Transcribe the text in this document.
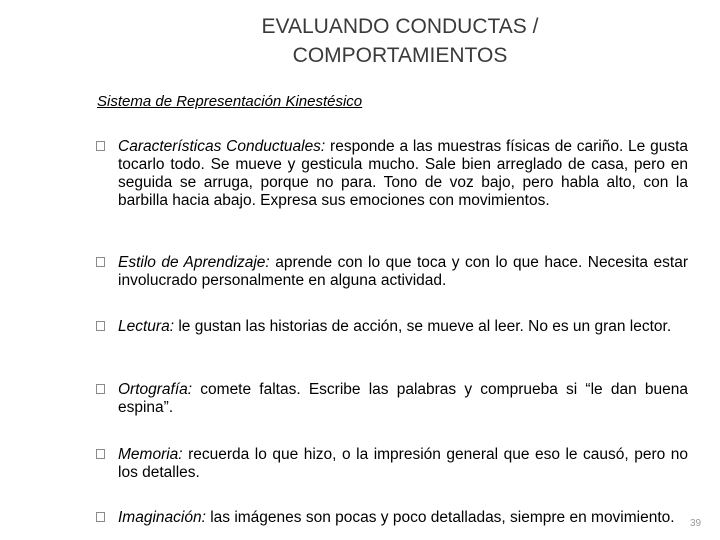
EVALUANDO CONDUCTAS /
COMPORTAMIENTOS
Sistema de Representación Kinestésico
Características Conductuales: responde a las muestras físicas de cariño. Le gusta tocarlo todo. Se mueve y gesticula mucho. Sale bien arreglado de casa, pero en seguida se arruga, porque no para. Tono de voz bajo, pero habla alto, con la barbilla hacia abajo. Expresa sus emociones con movimientos.
Estilo de Aprendizaje: aprende con lo que toca y con lo que hace. Necesita estar involucrado personalmente en alguna actividad.
Lectura: le gustan las historias de acción, se mueve al leer. No es un gran lector.
Ortografía: comete faltas. Escribe las palabras y comprueba si “le dan buena espina”.
Memoria: recuerda lo que hizo, o la impresión general que eso le causó, pero no los detalles.
Imaginación: las imágenes son pocas y poco detalladas, siempre en movimiento.	39
